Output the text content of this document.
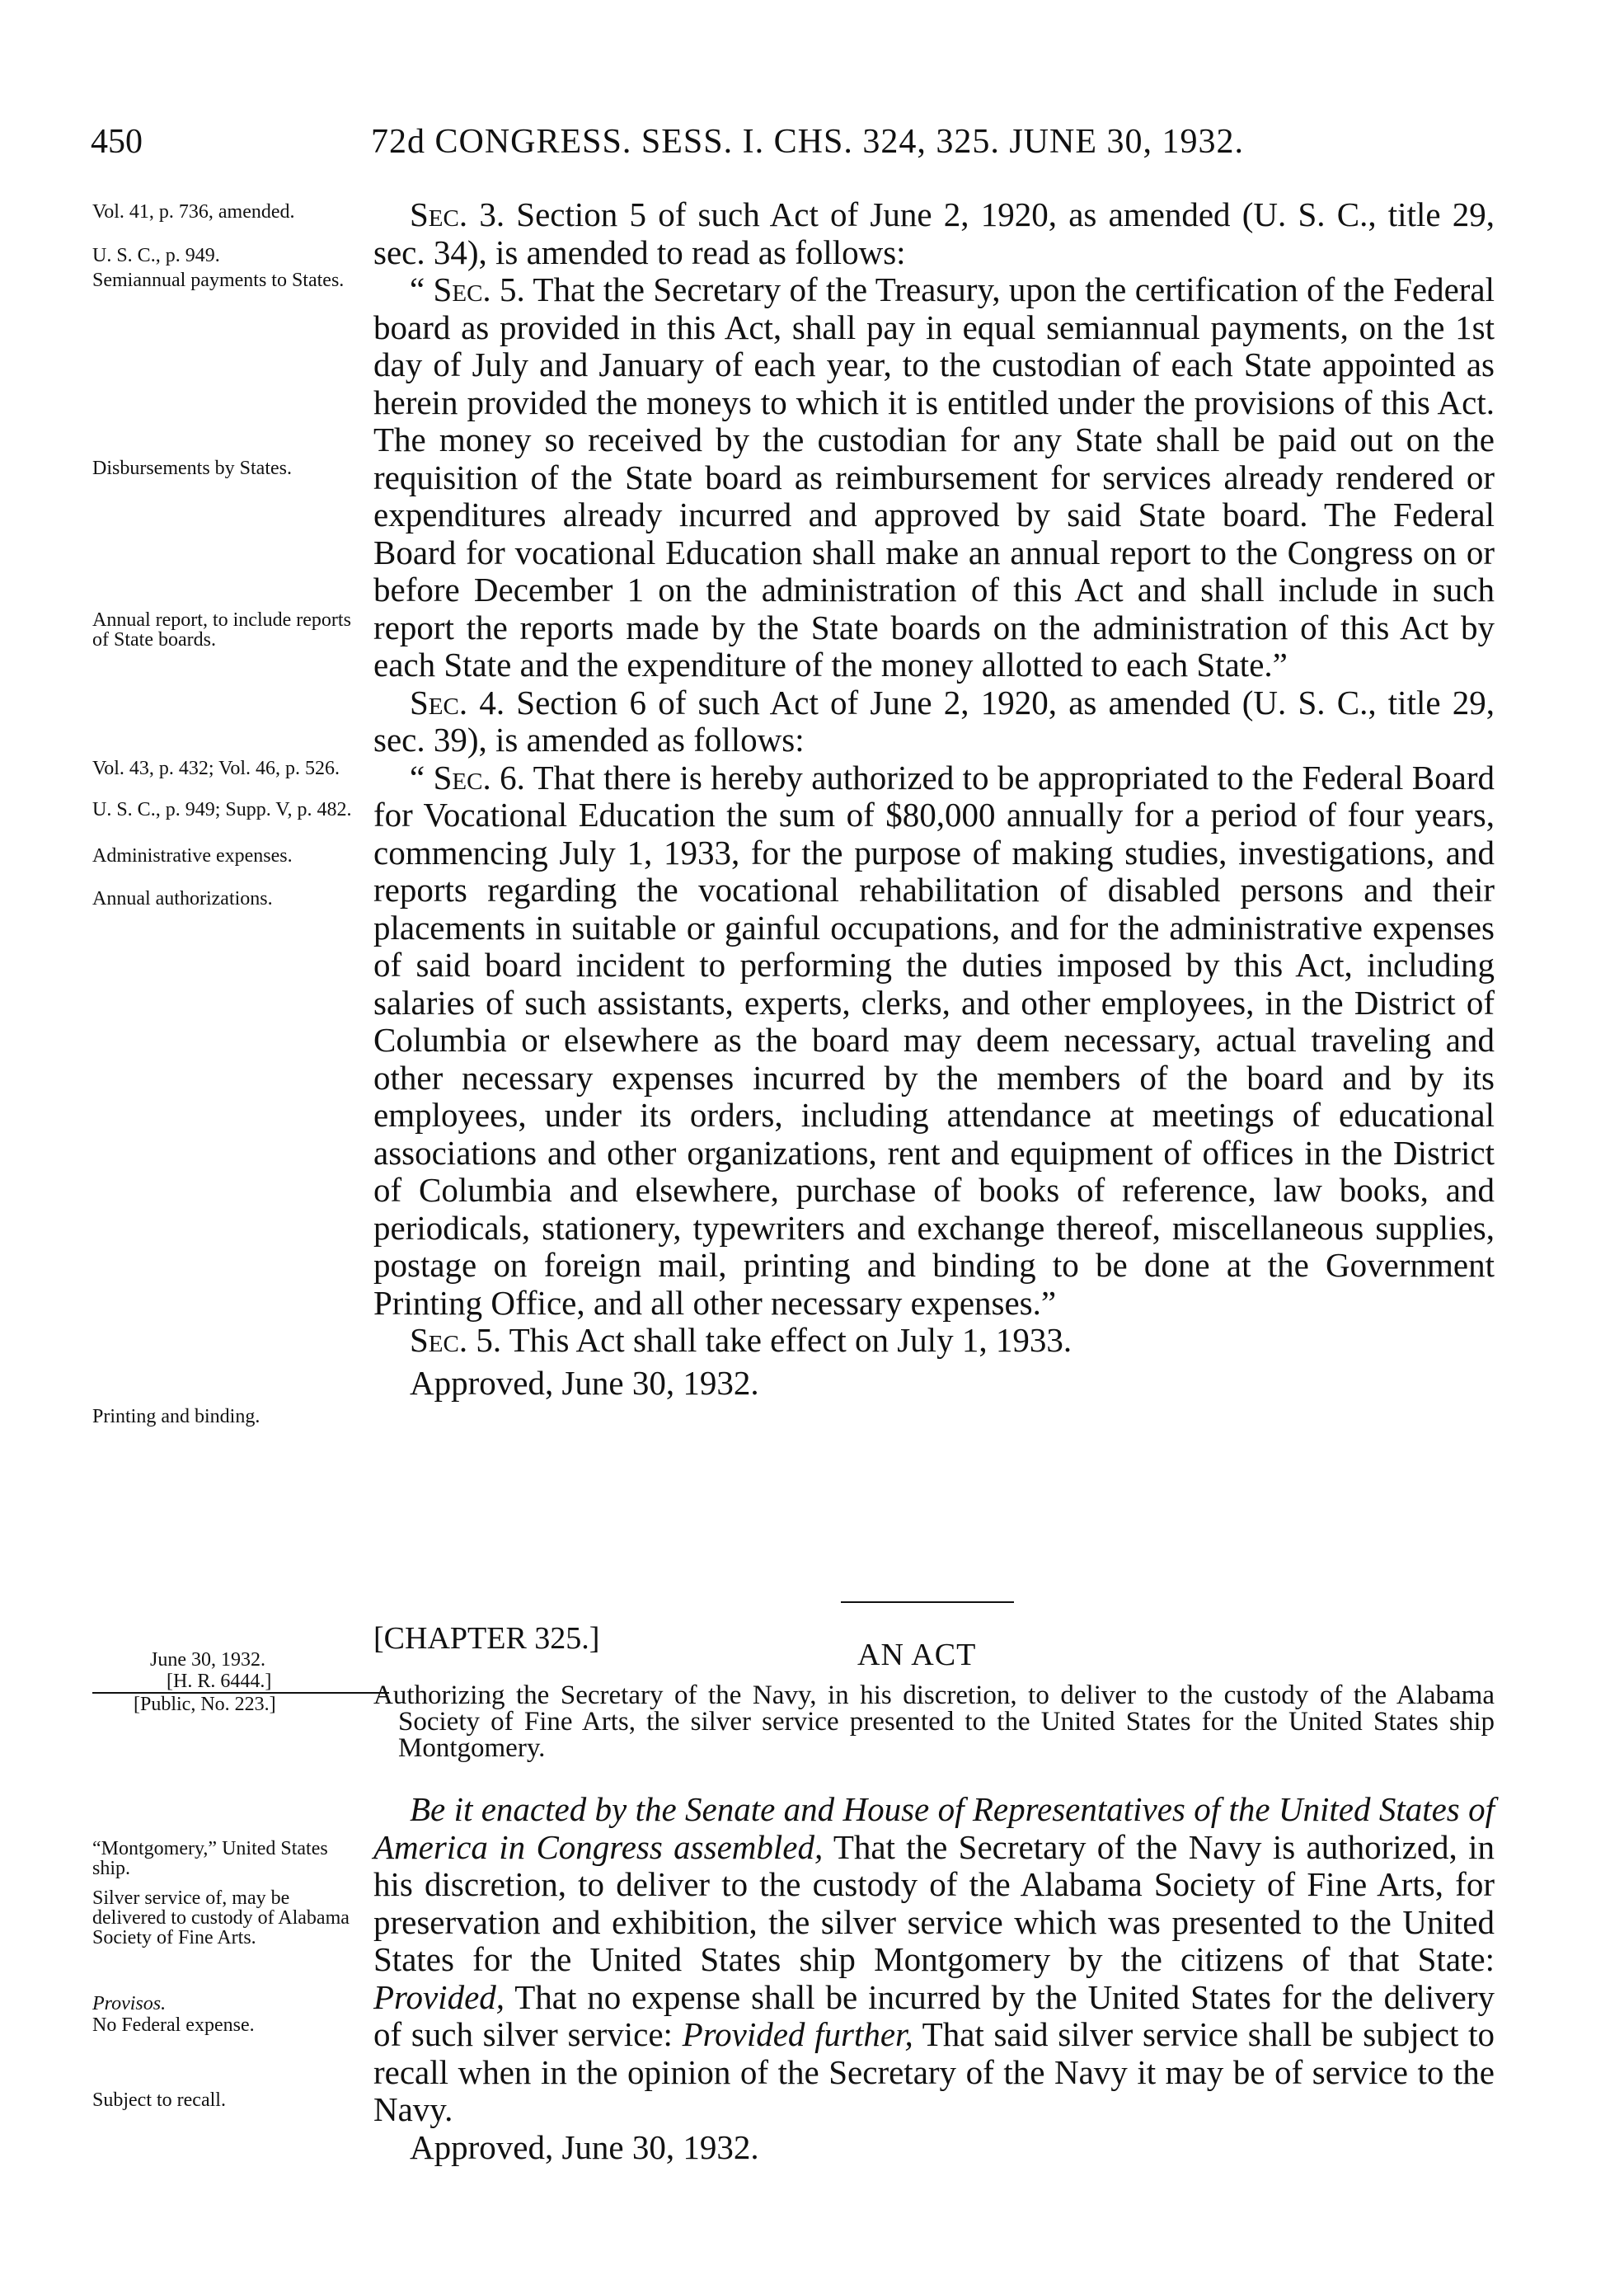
450	72d CONGRESS. SESS. I. CHS. 324, 325. JUNE 30, 1932.
Vol. 41, p. 736, amended.
U. S. C., p. 949.
Semiannual payments to States.
Disbursements by States.
Annual report, to include reports of State boards.
Vol. 43, p. 432; Vol. 46, p. 526.
U. S. C., p. 949; Supp. V, p. 482.
Administrative expenses.
Annual authorizations.
Printing and binding.

Sec. 3. Section 5 of such Act of June 2, 1920, as amended (U. S. C., title 29, sec. 34), is amended to read as follows:

“ Sec. 5. That the Secretary of the Treasury, upon the certification of the Federal board as provided in this Act, shall pay in equal semiannual payments, on the 1st day of July and January of each year, to the custodian of each State appointed as herein provided the moneys to which it is entitled under the provisions of this Act. The money so received by the custodian for any State shall be paid out on the requisition of the State board as reimbursement for services already rendered or expenditures already incurred and approved by said State board. The Federal Board for vocational Education shall make an annual report to the Congress on or before December 1 on the administration of this Act and shall include in such report the reports made by the State boards on the administration of this Act by each State and the expenditure of the money allotted to each State.”

Sec. 4. Section 6 of such Act of June 2, 1920, as amended (U. S. C., title 29, sec. 39), is amended as follows:

“ Sec. 6. That there is hereby authorized to be appropriated to the Federal Board for Vocational Education the sum of $80,000 annually for a period of four years, commencing July 1, 1933, for the purpose of making studies, investigations, and reports regarding the vocational rehabilitation of disabled persons and their placements in suitable or gainful occupations, and for the administrative expenses of said board incident to performing the duties imposed by this Act, including salaries of such assistants, experts, clerks, and other employees, in the District of Columbia or elsewhere as the board may deem necessary, actual traveling and other necessary expenses incurred by the members of the board and by its employees, under its orders, including attendance at meetings of educational associations and other organizations, rent and equipment of offices in the District of Columbia and elsewhere, purchase of books of reference, law books, and periodicals, stationery, typewriters and exchange thereof, miscellaneous supplies, postage on foreign mail, printing and binding to be done at the Government Printing Office, and all other necessary expenses.”

Sec. 5. This Act shall take effect on July 1, 1933.

Approved, June 30, 1932.

[CHAPTER 325.]	AN ACT
June 30, 1932.
[H. R. 6444.]
[Public, No. 223.]	Authorizing the Secretary of the Navy, in his discretion, to deliver to the custody of the Alabama Society of Fine Arts, the silver service presented to the United States for the United States ship Montgomery.

“Montgomery,” United States ship.
Silver service of, may be delivered to custody of Alabama Society of Fine Arts.
Provisos.
No Federal expense.
Subject to recall.

Be it enacted by the Senate and House of Representatives of the United States of America in Congress assembled, That the Secretary of the Navy is authorized, in his discretion, to deliver to the custody of the Alabama Society of Fine Arts, for preservation and exhibition, the silver service which was presented to the United States for the United States ship Montgomery by the citizens of that State: Provided, That no expense shall be incurred by the United States for the delivery of such silver service: Provided further, That said silver service shall be subject to recall when in the opinion of the Secretary of the Navy it may be of service to the Navy.

Approved, June 30, 1932.
